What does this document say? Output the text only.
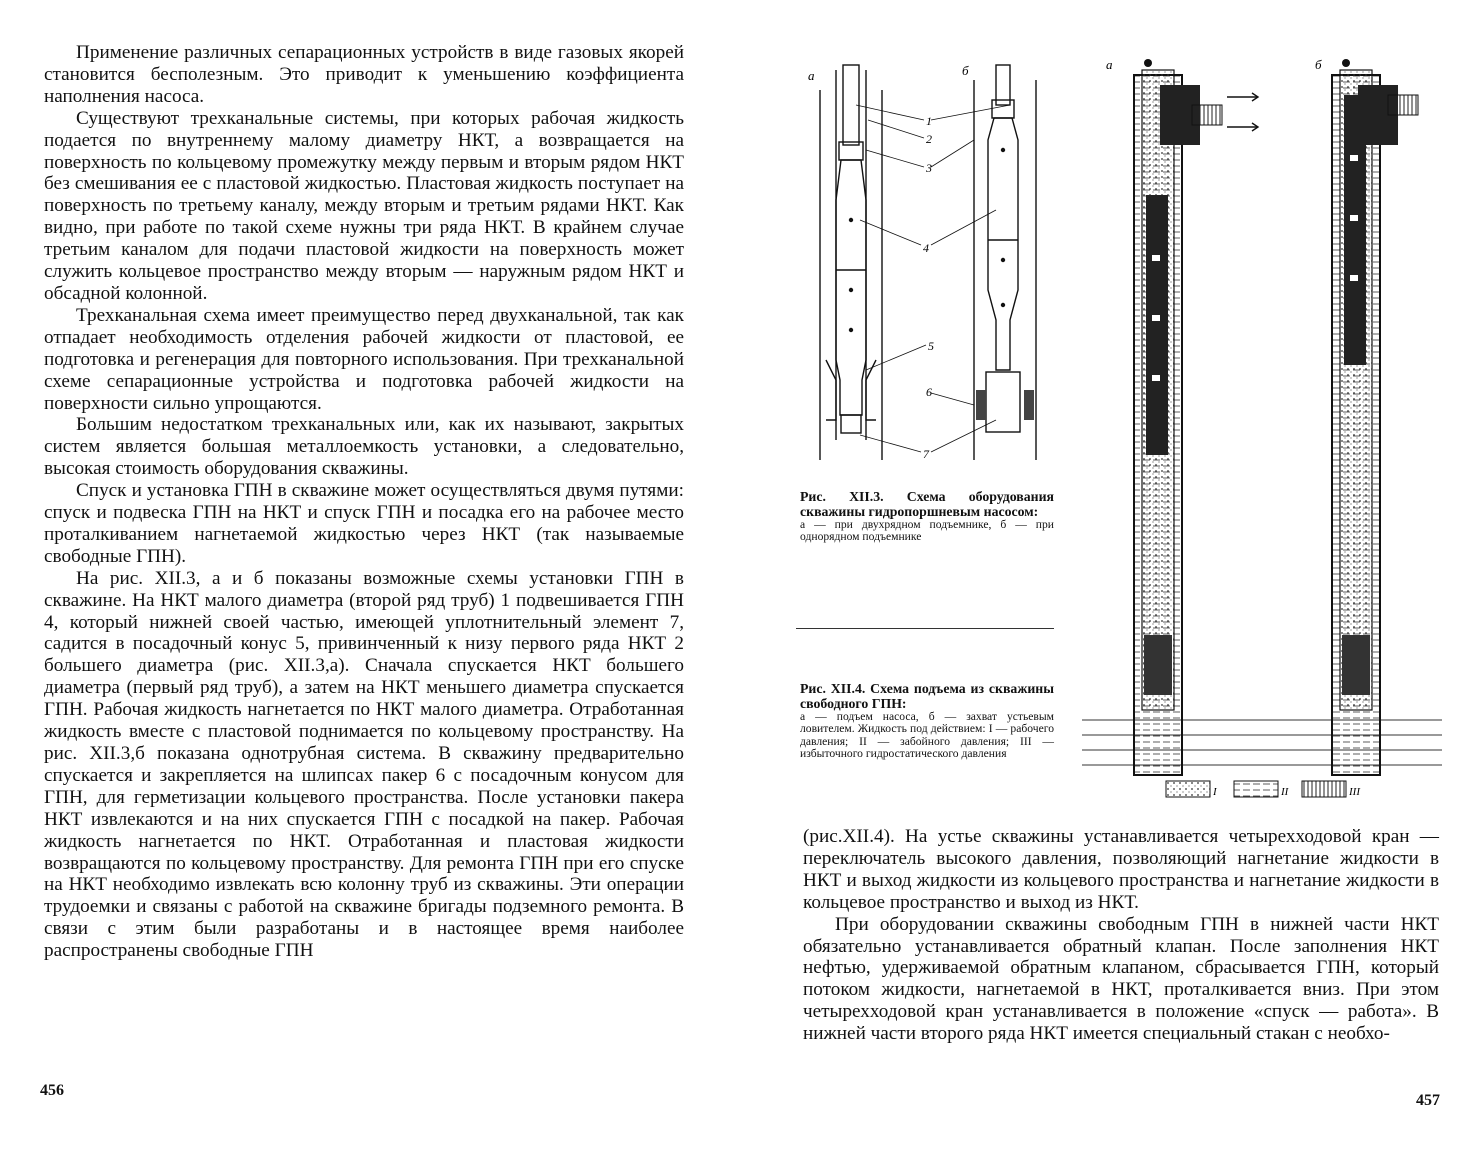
Применение различных сепарационных устройств в виде газовых якорей становится бесполезным. Это приводит к уменьшению коэффициента наполнения насоса.

Существуют трехканальные системы, при которых рабочая жидкость подается по внутреннему малому диаметру НКТ, а возвращается на поверхность по кольцевому промежутку между первым и вторым рядом НКТ без смешивания ее с пластовой жидкостью. Пластовая жидкость поступает на поверхность по третьему каналу, между вторым и третьим рядами НКТ. Как видно, при работе по такой схеме нужны три ряда НКТ. В крайнем случае третьим каналом для подачи пластовой жидкости на поверхность может служить кольцевое пространство между вторым — наружным рядом НКТ и обсадной колонной.

Трехканальная схема имеет преимущество перед двухканальной, так как отпадает необходимость отделения рабочей жидкости от пластовой, ее подготовка и регенерация для повторного использования. При трехканальной схеме сепарационные устройства и подготовка рабочей жидкости на поверхности сильно упрощаются.

Большим недостатком трехканальных или, как их называют, закрытых систем является большая металлоемкость установки, а следовательно, высокая стоимость оборудования скважины.

Спуск и установка ГПН в скважине может осуществляться двумя путями: спуск и подвеска ГПН на НКТ и спуск ГПН и посадка его на рабочее место проталкиванием нагнетаемой жидкостью через НКТ (так называемые свободные ГПН).

На рис. XII.3, а и б показаны возможные схемы установки ГПН в скважине. На НКТ малого диаметра (второй ряд труб) 1 подвешивается ГПН 4, который нижней своей частью, имеющей уплотнительный элемент 7, садится в посадочный конус 5, привинченный к низу первого ряда НКТ 2 большего диаметра (рис. XII.3,а). Сначала спускается НКТ большего диаметра (первый ряд труб), а затем на НКТ меньшего диаметра спускается ГПН. Рабочая жидкость нагнетается по НКТ малого диаметра. Отработанная жидкость вместе с пластовой поднимается по кольцевому пространству. На рис. XII.3,б показана однотрубная система. В скважину предварительно спускается и закрепляется на шлипсах пакер 6 с посадочным конусом для ГПН, для герметизации кольцевого пространства. После установки пакера НКТ извлекаются и на них спускается ГПН с посадкой на пакер. Рабочая жидкость нагнетается по НКТ. Отработанная и пластовая жидкости возвращаются по кольцевому пространству. Для ремонта ГПН при его спуске на НКТ необходимо извлекать всю колонну труб из скважины. Эти операции трудоемки и связаны с работой на скважине бригады подземного ремонта. В связи с этим были разработаны и в настоящее время наиболее распространены свободные ГПН

456
а	б
1
2
3
4
5
6
7
Рис. XII.3. Схема оборудования скважины гидропоршневым насосом:
а — при двухрядном подъемнике, б — при однорядном подъемнике
Рис. XII.4. Схема подъема из скважины свободного ГПН:
а — подъем насоса, б — захват устьевым ловителем. Жидкость под действием: I — рабочего давления; II — забойного давления; III — избыточного гидростатического давления
а	б
I	II	III

(рис.XII.4). На устье скважины устанавливается четырехходовой кран — переключатель высокого давления, позволяющий нагнетание жидкости в НКТ и выход жидкости из кольцевого пространства и нагнетание жидкости в кольцевое пространство и выход из НКТ.

При оборудовании скважины свободным ГПН в нижней части НКТ обязательно устанавливается обратный клапан. После заполнения НКТ нефтью, удерживаемой обратным клапаном, сбрасывается ГПН, который потоком жидкости, нагнетаемой в НКТ, проталкивается вниз. При этом четырехходовой кран устанавливается в положение «спуск — работа». В нижней части второго ряда НКТ имеется специальный стакан с необхо-

457
